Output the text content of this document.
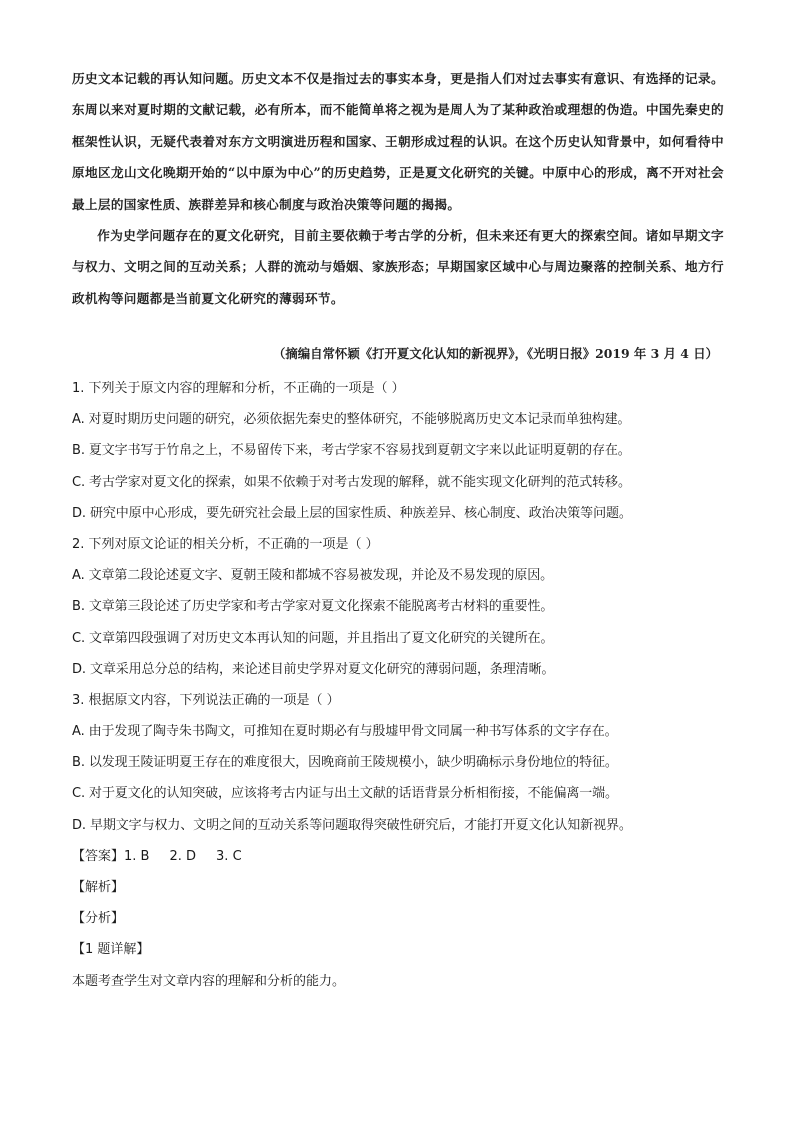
历史文本记载的再认知问题。历史文本不仅是指过去的事实本身，更是指人们对过去事实有意识、有选择的记录。东周以来对夏时期的文献记载，必有所本，而不能简单将之视为是周人为了某种政治或理想的伪造。中国先秦史的框架性认识，无疑代表着对东方文明演进历程和国家、王朝形成过程的认识。在这个历史认知背景中，如何看待中原地区龙山文化晚期开始的“以中原为中心”的历史趋势，正是夏文化研究的关键。中原中心的形成，离不开对社会最上层的国家性质、族群差异和核心制度与政治决策等问题的揭揭。

作为史学问题存在的夏文化研究，目前主要依赖于考古学的分析，但未来还有更大的探索空间。诸如早期文字与权力、文明之间的互动关系；人群的流动与婚姻、家族形态；早期国家区域中心与周边聚落的控制关系、地方行政机构等问题都是当前夏文化研究的薄弱环节。

（摘编自常怀颖《打开夏文化认知的新视界》，《光明日报》2019 年 3 月 4 日）
1. 下列关于原文内容的理解和分析，不正确的一项是（ ）
A. 对夏时期历史问题的研究，必须依据先秦史的整体研究，不能够脱离历史文本记录而单独构建。
B. 夏文字书写于竹帛之上，不易留传下来，考古学家不容易找到夏朝文字来以此证明夏朝的存在。
C. 考古学家对夏文化的探索，如果不依赖于对考古发现的解释，就不能实现文化研判的范式转移。
D. 研究中原中心形成，要先研究社会最上层的国家性质、种族差异、核心制度、政治决策等问题。
2. 下列对原文论证的相关分析，不正确的一项是（ ）
A. 文章第二段论述夏文字、夏朝王陵和都城不容易被发现，并论及不易发现的原因。
B. 文章第三段论述了历史学家和考古学家对夏文化探索不能脱离考古材料的重要性。
C. 文章第四段强调了对历史文本再认知的问题，并且指出了夏文化研究的关键所在。
D. 文章采用总分总的结构，来论述目前史学界对夏文化研究的薄弱问题，条理清晰。
3. 根据原文内容，下列说法正确的一项是（ ）
A. 由于发现了陶寺朱书陶文，可推知在夏时期必有与殷墟甲骨文同属一种书写体系的文字存在。
B. 以发现王陵证明夏王存在的难度很大，因晚商前王陵规模小，缺少明确标示身份地位的特征。
C. 对于夏文化的认知突破，应该将考古内证与出土文献的话语背景分析相衔接，不能偏离一端。
D. 早期文字与权力、文明之间的互动关系等问题取得突破性研究后，才能打开夏文化认知新视界。
【答案】1. B 2. D 3. C
【解析】
【分析】
【1 题详解】
本题考查学生对文章内容的理解和分析的能力。
